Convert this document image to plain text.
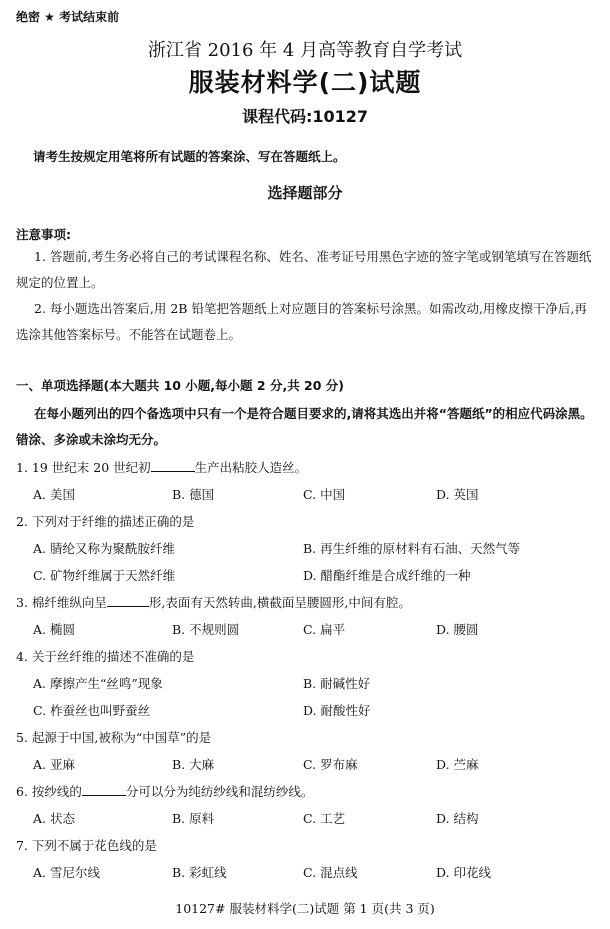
绝密 ★ 考试结束前
浙江省 2016 年 4 月高等教育自学考试
服装材料学(二)试题
课程代码:10127
请考生按规定用笔将所有试题的答案涂、写在答题纸上。
选择题部分
注意事项:
1. 答题前,考生务必将自己的考试课程名称、姓名、准考证号用黑色字迹的签字笔或钢笔填写在答题纸规定的位置上。
2. 每小题选出答案后,用 2B 铅笔把答题纸上对应题目的答案标号涂黑。如需改动,用橡皮擦干净后,再选涂其他答案标号。不能答在试题卷上。
一、单项选择题(本大题共 10 小题,每小题 2 分,共 20 分)
在每小题列出的四个备选项中只有一个是符合题目要求的,请将其选出并将“答题纸”的相应代码涂黑。错涂、多涂或未涂均无分。
1. 19 世纪末 20 世纪初	生产出粘胶人造丝。
A. 美国	B. 德国	C. 中国	D. 英国
2. 下列对于纤维的描述正确的是
A. 腈纶又称为聚酰胺纤维	B. 再生纤维的原材料有石油、天然气等
C. 矿物纤维属于天然纤维	D. 醋酯纤维是合成纤维的一种
3. 棉纤维纵向呈	形,表面有天然转曲,横截面呈腰圆形,中间有腔。
A. 椭圆	B. 不规则圆	C. 扁平	D. 腰圆
4. 关于丝纤维的描述不准确的是
A. 摩擦产生“丝鸣”现象	B. 耐碱性好
C. 柞蚕丝也叫野蚕丝	D. 耐酸性好
5. 起源于中国,被称为“中国草”的是
A. 亚麻	B. 大麻	C. 罗布麻	D. 苎麻
6. 按纱线的	分可以分为纯纺纱线和混纺纱线。
A. 状态	B. 原料	C. 工艺	D. 结构
7. 下列不属于花色线的是
A. 雪尼尔线	B. 彩虹线	C. 混点线	D. 印花线
10127# 服装材料学(二)试题 第 1 页(共 3 页)
